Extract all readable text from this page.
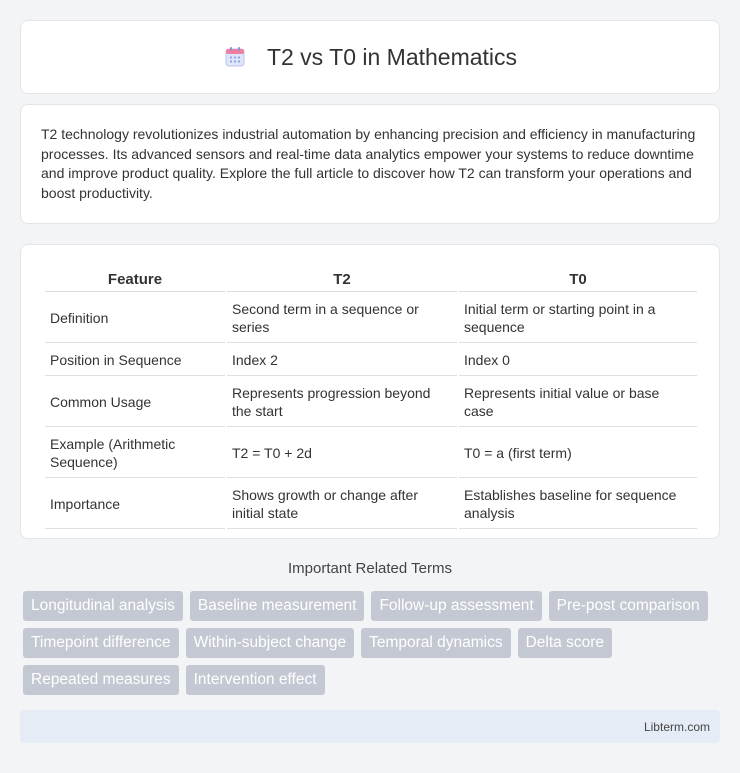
T2 vs T0 in Mathematics

T2 technology revolutionizes industrial automation by enhancing precision and efficiency in manufacturing processes. Its advanced sensors and real-time data analytics empower your systems to reduce downtime and improve product quality. Explore the full article to discover how T2 can transform your operations and boost productivity.

Feature	T2	T0
Definition	Second term in a sequence or series	Initial term or starting point in a sequence
Position in Sequence	Index 2	Index 0
Common Usage	Represents progression beyond the start	Represents initial value or base case
Example (Arithmetic Sequence)	T2 = T0 + 2d	T0 = a (first term)
Importance	Shows growth or change after initial state	Establishes baseline for sequence analysis
Important Related Terms
Longitudinal analysis	Baseline measurement	Follow-up assessment	Pre-post comparison
Timepoint difference	Within-subject change	Temporal dynamics	Delta score
Repeated measures	Intervention effect
Libterm.com
